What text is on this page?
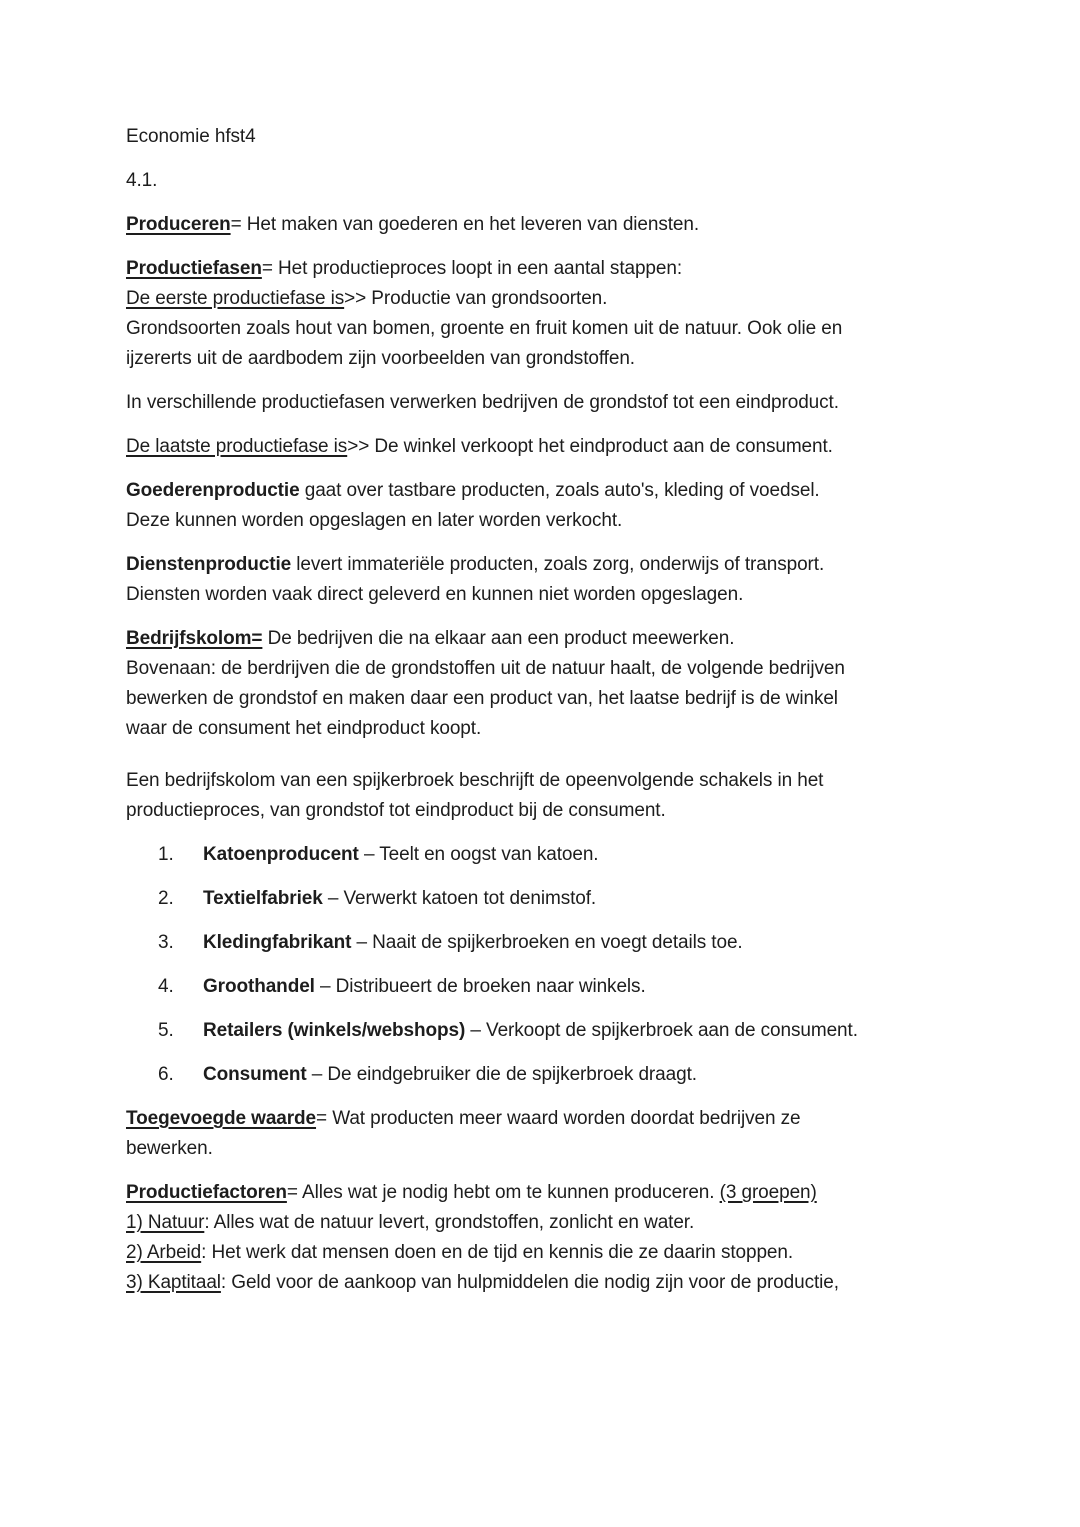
Economie hfst4

4.1.

Produceren= Het maken van goederen en het leveren van diensten.

Productiefasen= Het productieproces loopt in een aantal stappen:
De eerste productiefase is>> Productie van grondsoorten.
Grondsoorten zoals hout van bomen, groente en fruit komen uit de natuur. Ook olie en
ijzererts uit de aardbodem zijn voorbeelden van grondstoffen.

In verschillende productiefasen verwerken bedrijven de grondstof tot een eindproduct.

De laatste productiefase is>> De winkel verkoopt het eindproduct aan de consument.

Goederenproductie gaat over tastbare producten, zoals auto's, kleding of voedsel.
Deze kunnen worden opgeslagen en later worden verkocht.

Dienstenproductie levert immateriële producten, zoals zorg, onderwijs of transport.
Diensten worden vaak direct geleverd en kunnen niet worden opgeslagen.

Bedrijfskolom= De bedrijven die na elkaar aan een product meewerken.
Bovenaan: de berdrijven die de grondstoffen uit de natuur haalt, de volgende bedrijven
bewerken de grondstof en maken daar een product van, het laatse bedrijf is de winkel
waar de consument het eindproduct koopt.

Een bedrijfskolom van een spijkerbroek beschrijft de opeenvolgende schakels in het
productieproces, van grondstof tot eindproduct bij de consument.

1. Katoenproducent – Teelt en oogst van katoen.

2. Textielfabriek – Verwerkt katoen tot denimstof.

3. Kledingfabrikant – Naait de spijkerbroeken en voegt details toe.

4. Groothandel – Distribueert de broeken naar winkels.

5. Retailers (winkels/webshops) – Verkoopt de spijkerbroek aan de consument.

6. Consument – De eindgebruiker die de spijkerbroek draagt.

Toegevoegde waarde= Wat producten meer waard worden doordat bedrijven ze
bewerken.

Productiefactoren= Alles wat je nodig hebt om te kunnen produceren. (3 groepen)
1) Natuur: Alles wat de natuur levert, grondstoffen, zonlicht en water.
2) Arbeid: Het werk dat mensen doen en de tijd en kennis die ze daarin stoppen.
3) Kaptitaal: Geld voor de aankoop van hulpmiddelen die nodig zijn voor de productie,
